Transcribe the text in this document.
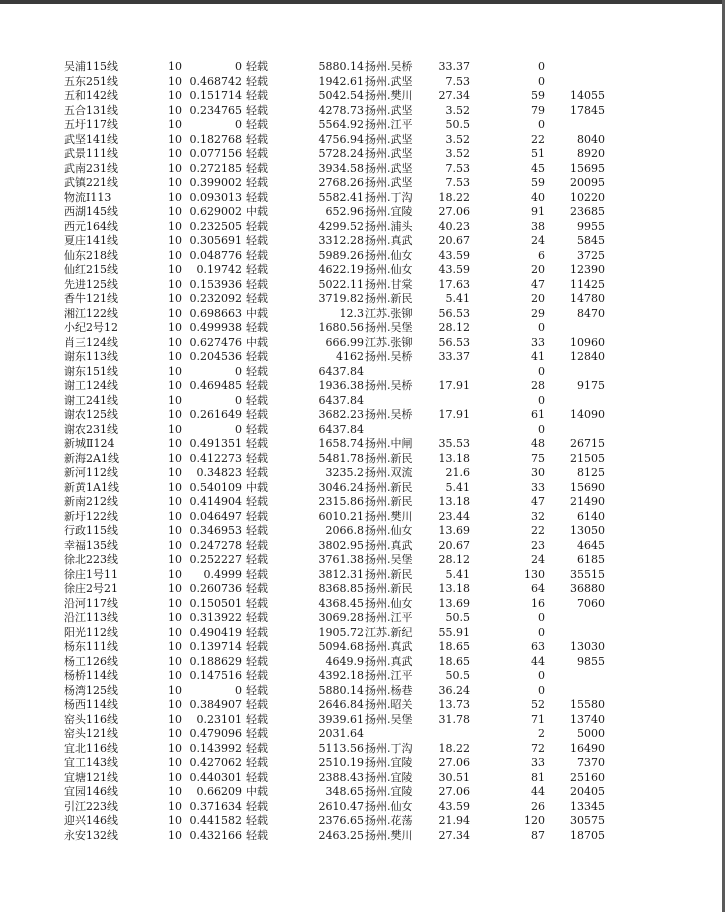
吴浦115线	10	0 轻载	5880.14 扬州.吴桥	33.37	0
五东251线	10 0.468742 轻载	1942.61 扬州.武坚	7.53	0
五和142线	10 0.151714 轻载	5042.54 扬州.樊川	27.34	59	14055
五合131线	10 0.234765 轻载	4278.73 扬州.武坚	3.52	79	17845
五圩117线	10	0 轻载	5564.92 扬州.江平	50.5	0
武坚141线	10 0.182768 轻载	4756.94 扬州.武坚	3.52	22	8040
武景111线	10 0.077156 轻载	5728.24 扬州.武坚	3.52	51	8920
武南231线	10 0.272185 轻载	3934.58 扬州.武坚	7.53	45	15695
武镇221线	10 0.399002 轻载	2768.26 扬州.武坚	7.53	59	20095
物流Ⅰ113	10 0.093013 轻载	5582.41 扬州.丁沟	18.22	40	10220
西湖145线	10 0.629002 中载	652.96 扬州.宜陵	27.06	91	23685
西元164线	10 0.232505 轻载	4299.52 扬州.浦头	40.23	38	9955
夏庄141线	10 0.305691 轻载	3312.28 扬州.真武	20.67	24	5845
仙东218线	10 0.048776 轻载	5989.26 扬州.仙女	43.59	6	3725
仙红215线	10	0.19742 轻载	4622.19 扬州.仙女	43.59	20	12390
先进125线	10 0.153936 轻载	5022.11 扬州.甘棠	17.63	47	11425
香牛121线	10 0.232092 轻载	3719.82 扬州.新民	5.41	20	14780
湘江122线	10 0.698663 中载	12.3 江苏.张铆	56.53	29	8470
小纪2号12	10 0.499938 轻载	1680.56 扬州.吴堡	28.12	0
肖三124线	10 0.627476 中载	666.99 江苏.张铆	56.53	33	10960
谢东113线	10 0.204536 轻载	4162 扬州.吴桥	33.37	41	12840
谢东151线	10	0 轻载	6437.84	0
谢工124线	10 0.469485 轻载	1936.38 扬州.吴桥	17.91	28	9175
谢工241线	10	0 轻载	6437.84	0
谢农125线	10 0.261649 轻载	3682.23 扬州.吴桥	17.91	61	14090
谢农231线	10	0 轻载	6437.84	0
新城Ⅱ124	10 0.491351 轻载	1658.74 扬州.中闸	35.53	48	26715
新海2A1线	10 0.412273 轻载	5481.78 扬州.新民	13.18	75	21505
新河112线	10	0.34823 轻载	3235.2 扬州.双流	21.6	30	8125
新黄1A1线	10 0.540109 中载	3046.24 扬州.新民	5.41	33	15690
新南212线	10 0.414904 轻载	2315.86 扬州.新民	13.18	47	21490
新圩122线	10 0.046497 轻载	6010.21 扬州.樊川	23.44	32	6140
行政115线	10 0.346953 轻载	2066.8 扬州.仙女	13.69	22	13050
幸福135线	10 0.247278 轻载	3802.95 扬州.真武	20.67	23	4645
徐北223线	10 0.252227 轻载	3761.38 扬州.吴堡	28.12	24	6185
徐庄1号11	10	0.4999 轻载	3812.31 扬州.新民	5.41	130	35515
徐庄2号21	10 0.260736 轻载	8368.85 扬州.新民	13.18	64	36880
沿河117线	10 0.150501 轻载	4368.45 扬州.仙女	13.69	16	7060
沿江113线	10 0.313922 轻载	3069.28 扬州.江平	50.5	0
阳光112线	10 0.490419 轻载	1905.72 江苏.新纪	55.91	0
杨东111线	10 0.139714 轻载	5094.68 扬州.真武	18.65	63	13030
杨工126线	10 0.188629 轻载	4649.9 扬州.真武	18.65	44	9855
杨桥114线	10 0.147516 轻载	4392.18 扬州.江平	50.5	0
杨湾125线	10	0 轻载	5880.14 扬州.杨巷	36.24	0
杨西114线	10 0.384907 轻载	2646.84 扬州.昭关	13.73	52	15580
窑头116线	10	0.23101 轻载	3939.61 扬州.吴堡	31.78	71	13740
窑头121线	10 0.479096 轻载	2031.64	2	5000
宜北116线	10 0.143992 轻载	5113.56 扬州.丁沟	18.22	72	16490
宜工143线	10 0.427062 轻载	2510.19 扬州.宜陵	27.06	33	7370
宜塘121线	10 0.440301 轻载	2388.43 扬州.宜陵	30.51	81	25160
宜园146线	10	0.66209 中载	348.65 扬州.宜陵	27.06	44	20405
引江223线	10 0.371634 轻载	2610.47 扬州.仙女	43.59	26	13345
迎兴146线	10 0.441582 轻载	2376.65 扬州.花荡	21.94	120	30575
永安132线	10 0.432166 轻载	2463.25 扬州.樊川	27.34	87	18705
